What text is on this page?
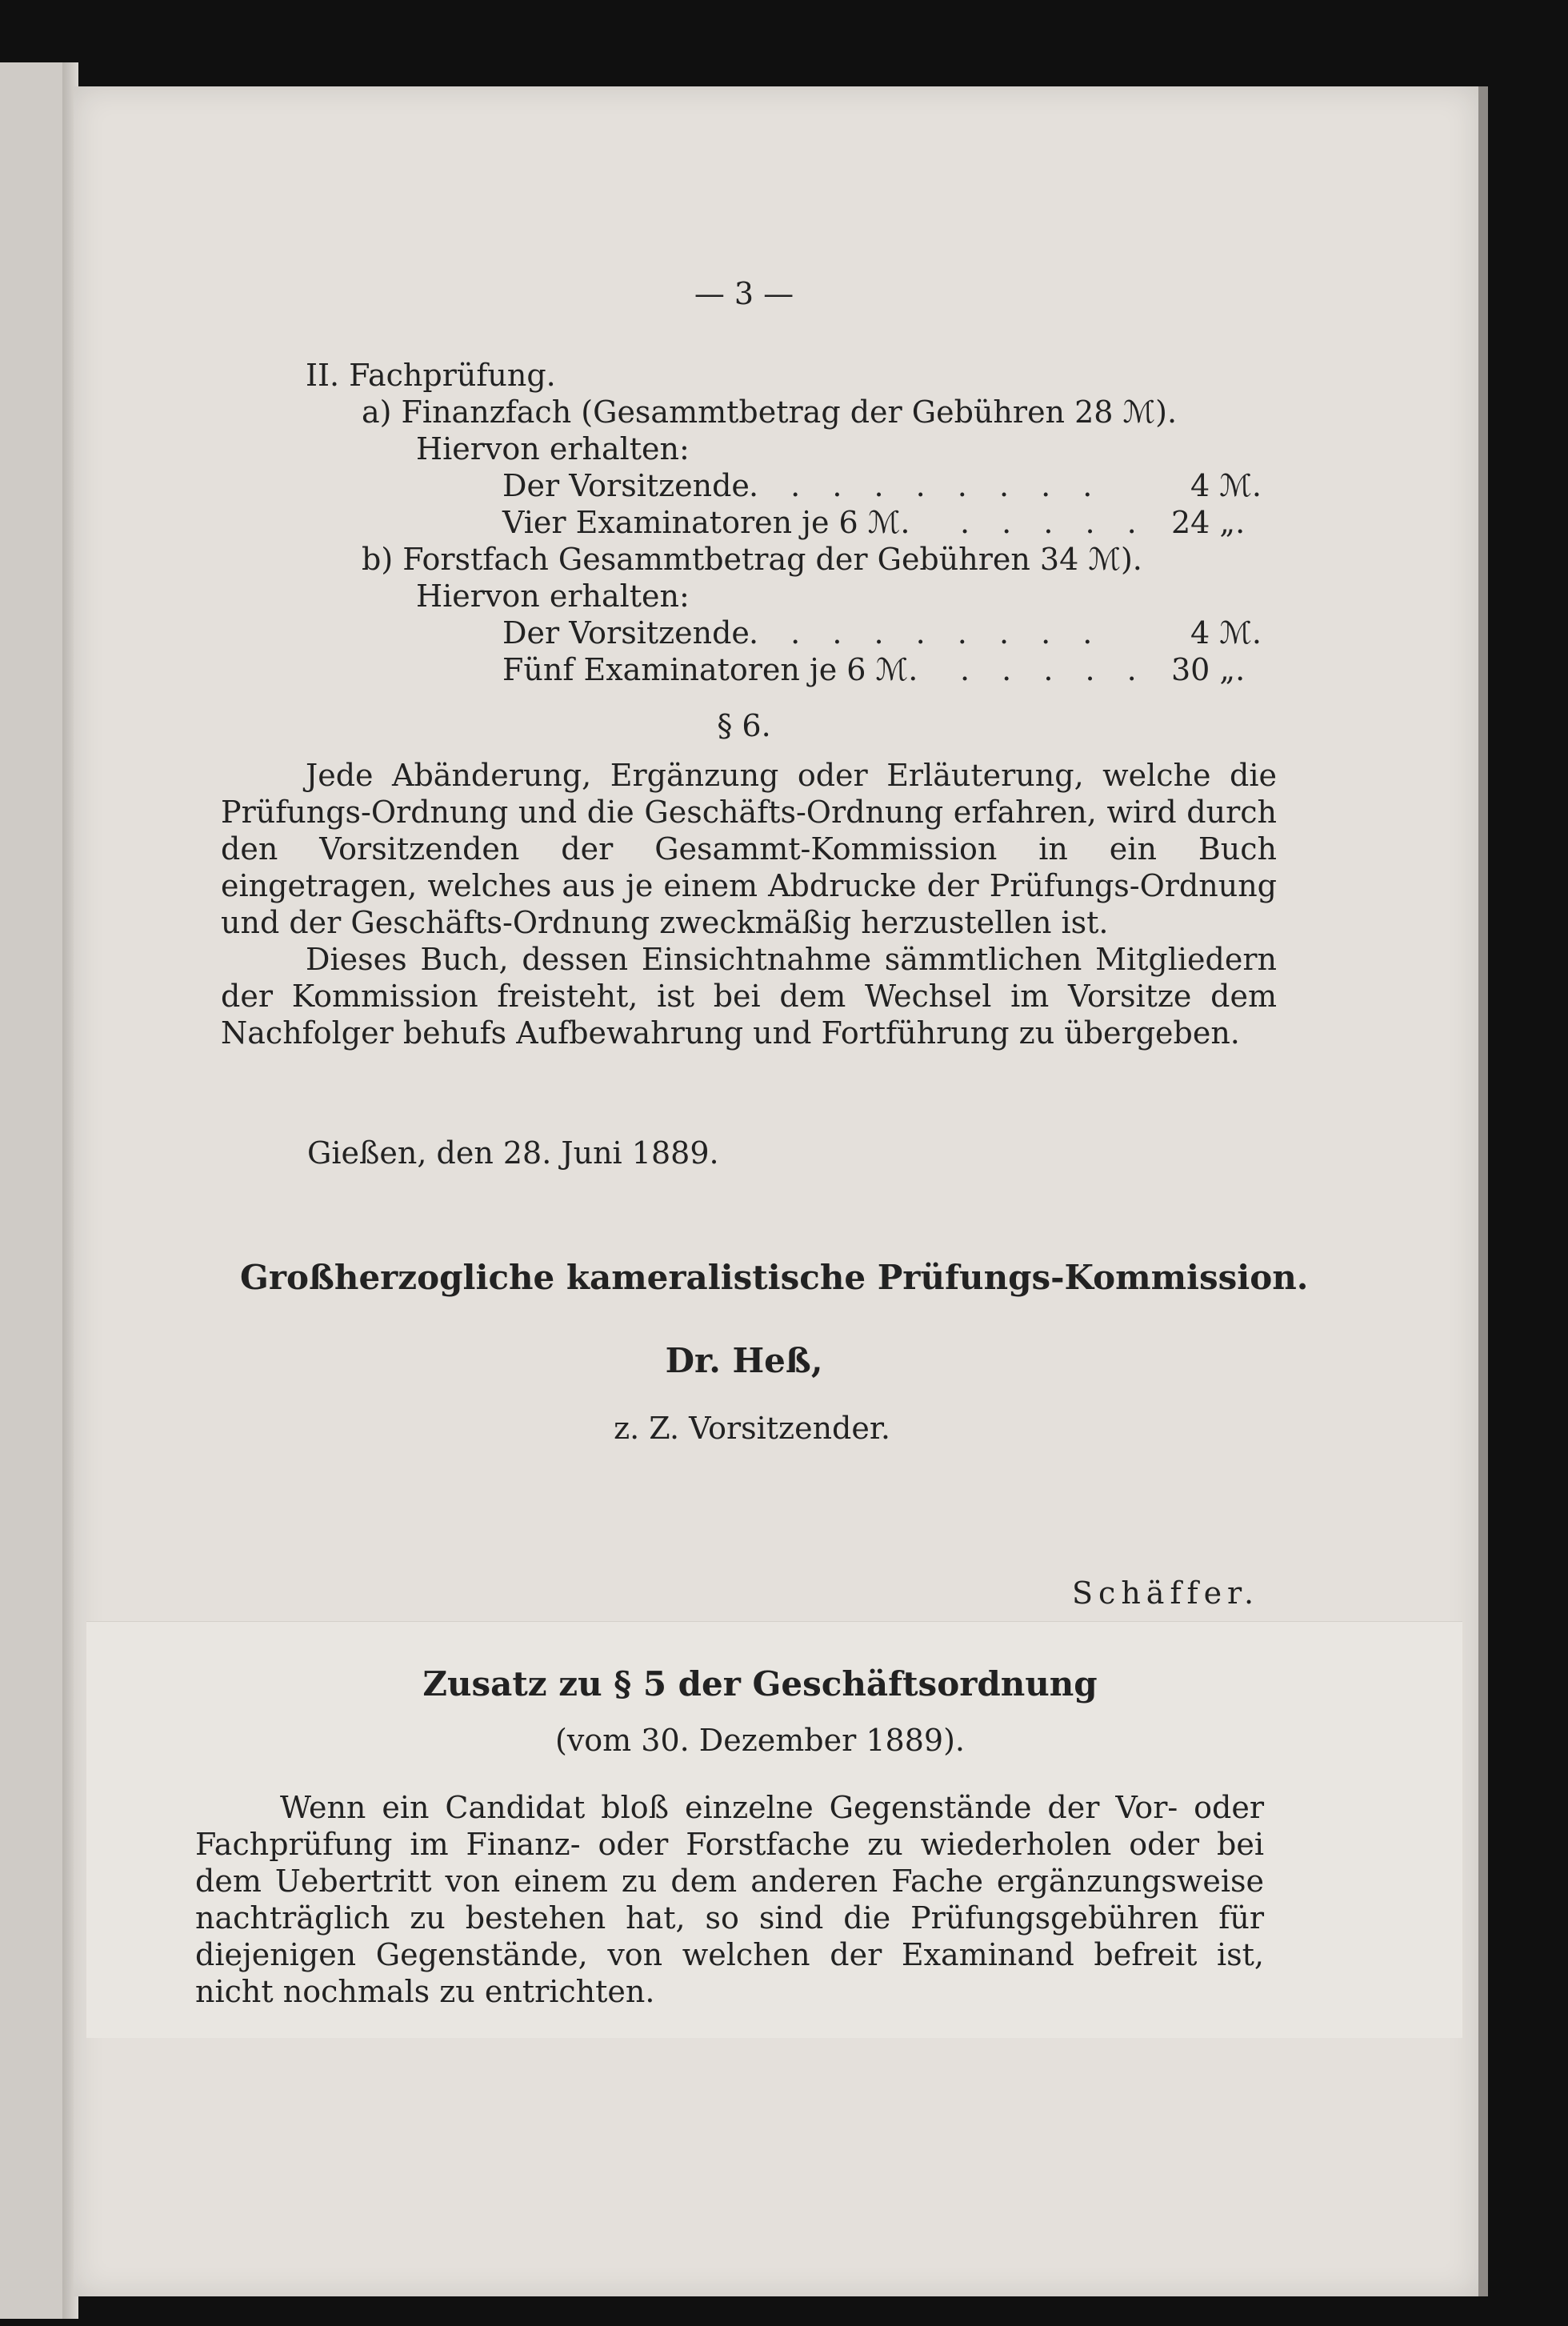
— 3 —
II. Fachprüfung.
a) Finanzfach (Gesammtbetrag der Gebühren 28 ℳ).
Hiervon erhalten:
Der Vorsitzende . . . . . . . . .	4 ℳ.
Vier Examinatoren je 6 ℳ. . . . . . 24 „.
b) Forstfach Gesammtbetrag der Gebühren 34 ℳ).
Hiervon erhalten:
Der Vorsitzende . . . . . . . . .	4 ℳ.
Fünf Examinatoren je 6 ℳ. . . . . . 30 „.
§ 6.
Jede Abänderung, Ergänzung oder Erläuterung, welche die Prüfungs-Ordnung und die Geschäfts-Ordnung erfahren, wird durch den Vorsitzenden der Gesammt-Kommission in ein Buch eingetragen, welches aus je einem Abdrucke der Prüfungs-Ordnung und der Geschäfts-Ordnung zweckmäßig herzustellen ist.
Dieses Buch, dessen Einsichtnahme sämmtlichen Mitgliedern der Kommission freisteht, ist bei dem Wechsel im Vorsitze dem Nachfolger behufs Aufbewahrung und Fortführung zu übergeben.
Gießen, den 28. Juni 1889.
Großherzogliche kameralistische Prüfungs-Kommission.
Dr. Heß,
z. Z. Vorsitzender.
Schäffer.
Zusatz zu § 5 der Geschäftsordnung
(vom 30. Dezember 1889).
Wenn ein Candidat bloß einzelne Gegenstände der Vor- oder Fachprüfung im Finanz- oder Forstfache zu wiederholen oder bei dem Uebertritt von einem zu dem anderen Fache ergänzungsweise nachträglich zu bestehen hat, so sind die Prüfungsgebühren für diejenigen Gegenstände, von welchen der Examinand befreit ist, nicht nochmals zu entrichten.
